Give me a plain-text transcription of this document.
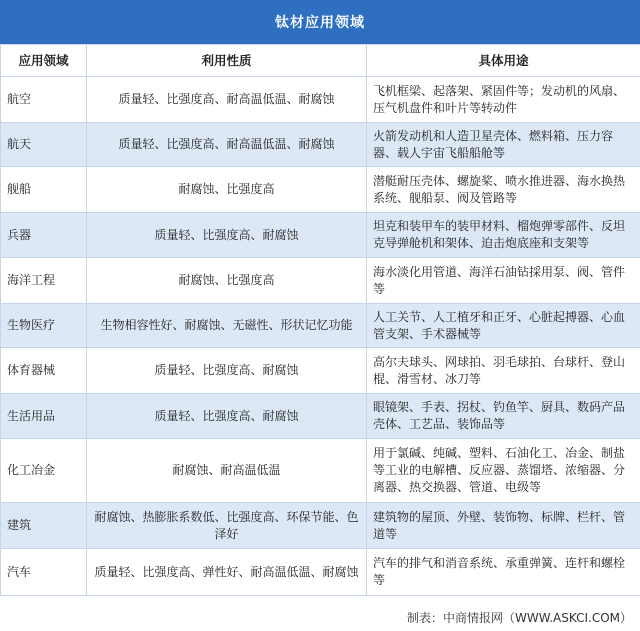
钛材应用领域
应用领域	利用性质	具体用途
航空	质量轻、比强度高、耐高温低温、耐腐蚀	飞机框梁、起落架、紧固件等；发动机的风扇、压气机盘件和叶片等转动件
航天	质量轻、比强度高、耐高温低温、耐腐蚀	火箭发动机和人造卫星壳体、燃料箱、压力容器、载人宇宙飞船船舱等
舰船	耐腐蚀、比强度高	潜艇耐压壳体、螺旋桨、喷水推进器、海水换热系统、舰船泵、阀及管路等
兵器	质量轻、比强度高、耐腐蚀	坦克和装甲车的装甲材料、榴炮弹零部件、反坦克导弹舱机和架体、迫击炮底座和支架等
海洋工程	耐腐蚀、比强度高	海水淡化用管道、海洋石油钻採用泵、阀、管件等
生物医疗	生物相容性好、耐腐蚀、无磁性、形状记忆功能	人工关节、人工植牙和正牙、心脏起搏器、心血管支架、手术器械等
体育器械	质量轻、比强度高、耐腐蚀	高尔夫球头、网球拍、羽毛球拍、台球杆、登山棍、滑雪材、冰刀等
生活用品	质量轻、比强度高、耐腐蚀	眼镜架、手表、拐杖、钓鱼竿、厨具、数码产品壳体、工艺品、装饰品等
化工冶金	耐腐蚀、耐高温低温	用于氯碱、纯碱、塑料、石油化工、冶金、制盐等工业的电解槽、反应器、蒸馏塔、浓缩器、分离器、热交换器、管道、电级等
建筑	耐腐蚀、热膨胀系数低、比强度高、环保节能、色泽好	建筑物的屋顶、外壁、装饰物、标牌、栏杆、管道等
汽车	质量轻、比强度高、弹性好、耐高温低温、耐腐蚀	汽车的排气和消音系统、承重弹簧、连杆和螺栓等
制表：中商情报网（WWW.ASKCI.COM）
